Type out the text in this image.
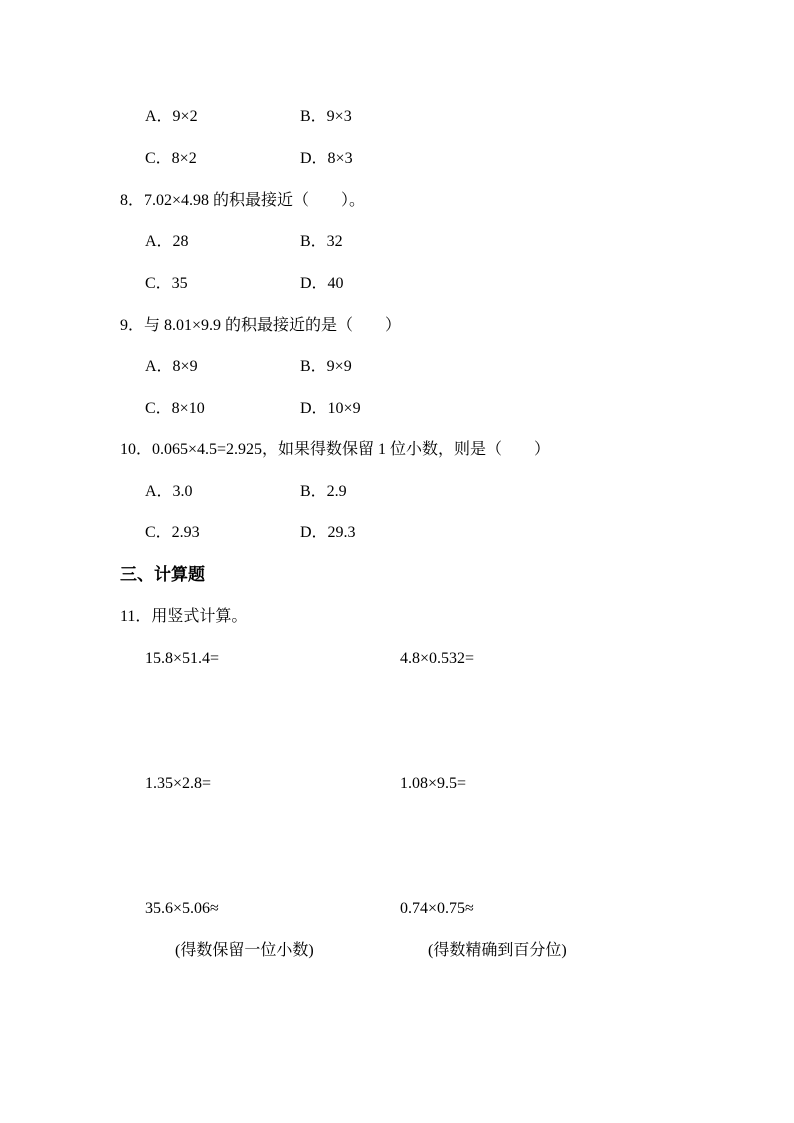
A．9×2	B．9×3
C．8×2	D．8×3
8．7.02×4.98 的积最接近（　　）。
A．28	B．32
C．35	D．40
9．与 8.01×9.9 的积最接近的是（　　）
A．8×9	B．9×9
C．8×10	D．10×9
10．0.065×4.5=2.925，如果得数保留 1 位小数，则是（　　）
A．3.0	B．2.9
C．2.93	D．29.3
三、计算题
11．用竖式计算。
15.8×51.4=	4.8×0.532=
1.35×2.8=	1.08×9.5=
35.6×5.06≈	0.74×0.75≈
(得数保留一位小数)	(得数精确到百分位)
